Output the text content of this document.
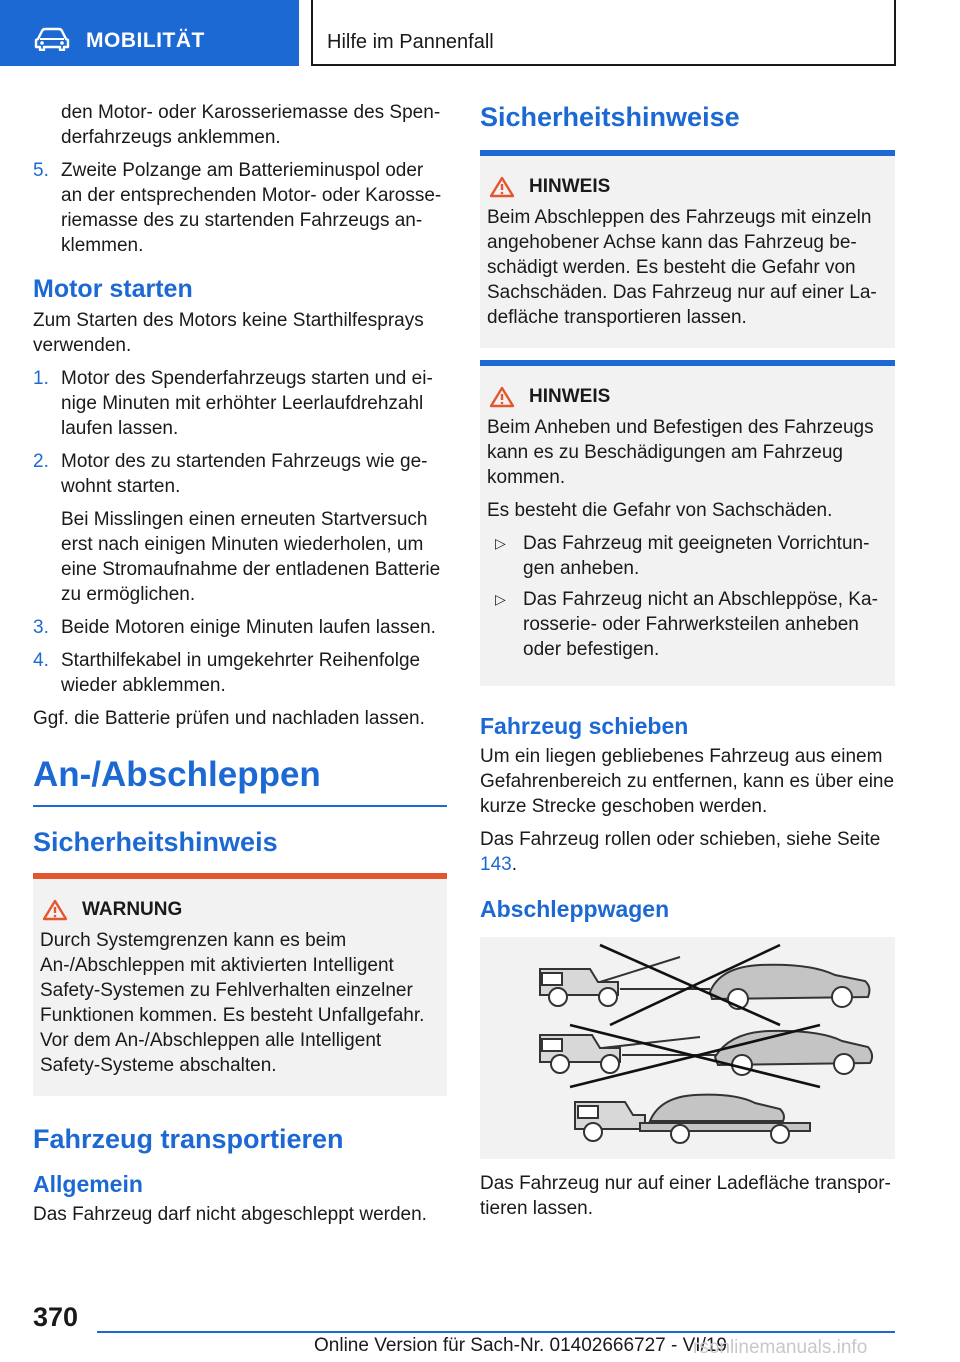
MOBILITÄT	Hilfe im Pannenfall
den Motor- oder Karosseriemasse des Spenderfahrzeugs anklemmen.
5. Zweite Polzange am Batterieminuspol oder an der entsprechenden Motor- oder Karosseriemasse des zu startenden Fahrzeugs anklemmen.
Motor starten
Zum Starten des Motors keine Starthilfesprays verwenden.
1. Motor des Spenderfahrzeugs starten und einige Minuten mit erhöhter Leerlaufdrehzahl laufen lassen.
2. Motor des zu startenden Fahrzeugs wie gewohnt starten.
Bei Misslingen einen erneuten Startversuch erst nach einigen Minuten wiederholen, um eine Stromaufnahme der entladenen Batterie zu ermöglichen.
3. Beide Motoren einige Minuten laufen lassen.
4. Starthilfekabel in umgekehrter Reihenfolge wieder abklemmen.
Ggf. die Batterie prüfen und nachladen lassen.
An-/Abschleppen
Sicherheitshinweis
WARNUNG
Durch Systemgrenzen kann es beim An-/Abschleppen mit aktivierten Intelligent Safety-Systemen zu Fehlverhalten einzelner Funktionen kommen. Es besteht Unfallgefahr. Vor dem An-/Abschleppen alle Intelligent Safety-Systeme abschalten.
Fahrzeug transportieren
Allgemein
Das Fahrzeug darf nicht abgeschleppt werden.
Sicherheitshinweise
HINWEIS
Beim Abschleppen des Fahrzeugs mit einzeln angehobener Achse kann das Fahrzeug beschädigt werden. Es besteht die Gefahr von Sachschäden. Das Fahrzeug nur auf einer Ladefläche transportieren lassen.
HINWEIS
Beim Anheben und Befestigen des Fahrzeugs kann es zu Beschädigungen am Fahrzeug kommen.
Es besteht die Gefahr von Sachschäden.
▷ Das Fahrzeug mit geeigneten Vorrichtungen anheben.
▷ Das Fahrzeug nicht an Abschleppöse, Karosserie- oder Fahrwerksteilen anheben oder befestigen.
Fahrzeug schieben
Um ein liegen gebliebenes Fahrzeug aus einem Gefahrenbereich zu entfernen, kann es über eine kurze Strecke geschoben werden.
Das Fahrzeug rollen oder schieben, siehe Seite 143.
Abschleppwagen
Das Fahrzeug nur auf einer Ladefläche transportieren lassen.
370
Online Version für Sach-Nr. 01402666727 - VI/19
rsonlinemanuals.info
